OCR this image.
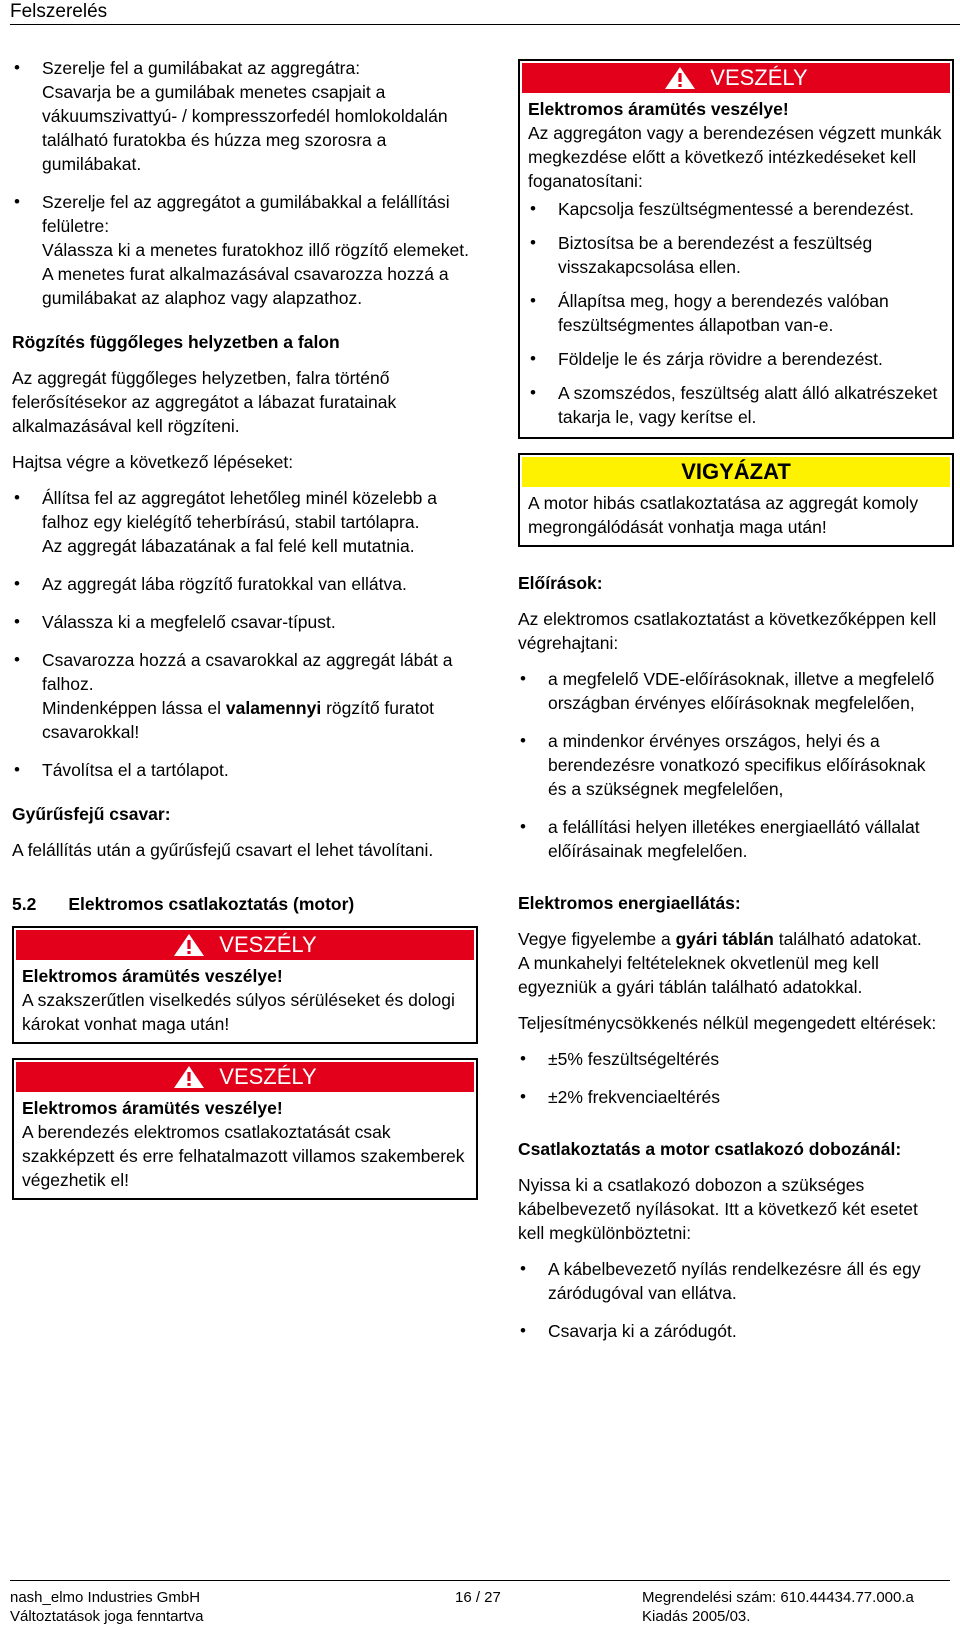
Felszerelés

• Szerelje fel a gumilábakat az aggregátra:

Csavarja be a gumilábak menetes csapjait a vákuumszivattyú- / kompresszorfedél homlokoldalán található furatokba és húzza meg szorosra a gumilábakat.

• Szerelje fel az aggregátot a gumilábakkal a felállítási felületre:

Válassza ki a menetes furatokhoz illő rögzítő elemeket.

A menetes furat alkalmazásával csavarozza hozzá a gumilábakat az alaphoz vagy alapzathoz.

Rögzítés függőleges helyzetben a falon

Az aggregát függőleges helyzetben, falra történő felerősítésekor az aggregátot a lábazat furatainak alkalmazásával kell rögzíteni.

Hajtsa végre a következő lépéseket:

• Állítsa fel az aggregátot lehetőleg minél közelebb a falhoz egy kielégítő teherbírású, stabil tartólapra.

Az aggregát lábazatának a fal felé kell mutatnia.

• Az aggregát lába rögzítő furatokkal van ellátva.

• Válassza ki a megfelelő csavar-típust.

• Csavarozza hozzá a csavarokkal az aggregát lábát a falhoz.

Mindenképpen lássa el valamennyi rögzítő furatot csavarokkal!

• Távolítsa el a tartólapot.

Gyűrűsfejű csavar:

A felállítás után a gyűrűsfejű csavart el lehet távolítani.

5.2 Elektromos csatlakoztatás (motor)

VESZÉLY

Elektromos áramütés veszélye!

A szakszerűtlen viselkedés súlyos sérüléseket és dologi károkat vonhat maga után!

VESZÉLY

Elektromos áramütés veszélye!

A berendezés elektromos csatlakoztatását csak szakképzett és erre felhatalmazott villamos szakemberek végezhetik el!

VESZÉLY

Elektromos áramütés veszélye!

Az aggregáton vagy a berendezésen végzett munkák megkezdése előtt a következő intézkedéseket kell foganatosítani:

• Kapcsolja feszültségmentessé a berendezést.
• Biztosítsa be a berendezést a feszültség visszakapcsolása ellen.
• Állapítsa meg, hogy a berendezés valóban feszültségmentes állapotban van-e.
• Földelje le és zárja rövidre a berendezést.
• A szomszédos, feszültség alatt álló alkatrészeket takarja le, vagy kerítse el.
VIGYÁZAT

A motor hibás csatlakoztatása az aggregát komoly megrongálódását vonhatja maga után!

Előírások:

Az elektromos csatlakoztatást a következőképpen kell végrehajtani:

• a megfelelő VDE-előírásoknak, illetve a megfelelő országban érvényes előírásoknak megfelelően,
• a mindenkor érvényes országos, helyi és a berendezésre vonatkozó specifikus előírásoknak és a szükségnek megfelelően,
• a felállítási helyen illetékes energiaellátó vállalat előírásainak megfelelően.

Elektromos energiaellátás:

Vegye figyelembe a gyári táblán található adatokat.

A munkahelyi feltételeknek okvetlenül meg kell egyezniük a gyári táblán található adatokkal.

Teljesítménycsökkenés nélkül megengedett eltérések:

• ±5% feszültségeltérés
• ±2% frekvenciaeltérés

Csatlakoztatás a motor csatlakozó dobozánál:

Nyissa ki a csatlakozó dobozon a szükséges kábelbevezető nyílásokat. Itt a következő két esetet kell megkülönböztetni:

• A kábelbevezető nyílás rendelkezésre áll és egy záródugóval van ellátva.
• Csavarja ki a záródugót.
nash_elmo Industries GmbH
Változtatások joga fenntartva
16 / 27	Megrendelési szám: 610.44434.77.000.a
Kiadás 2005/03.
